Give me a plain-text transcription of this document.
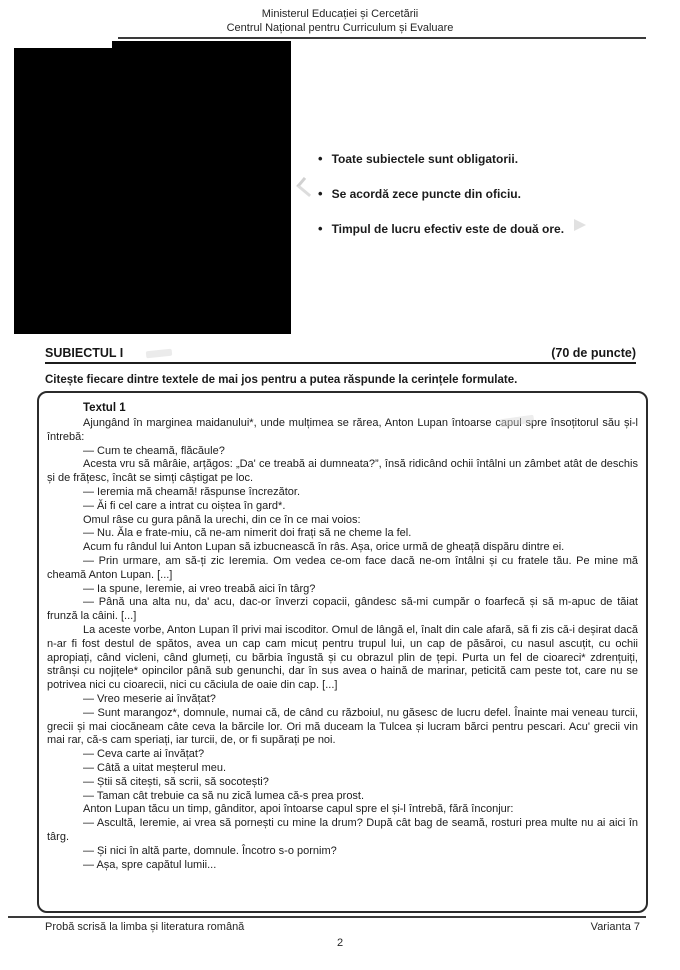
Ministerul Educației și Cercetării
Centrul Național pentru Curriculum și Evaluare
• Toate subiectele sunt obligatorii.
• Se acordă zece puncte din oficiu.
• Timpul de lucru efectiv este de două ore.
SUBIECTUL I	(70 de puncte)
Citește fiecare dintre textele de mai jos pentru a putea răspunde la cerințele formulate.
Textul 1

Ajungând în marginea maidanului*, unde mulțimea se rărea, Anton Lupan întoarse capul spre însoțitorul său și-l întrebă:

— Cum te cheamă, flăcăule?

Acesta vru să mârâie, arțăgos: „Da' ce treabă ai dumneata?”, însă ridicând ochii întâlni un zâmbet atât de deschis și de frățesc, încât se simți câștigat pe loc.

— Ieremia mă cheamă! răspunse încrezător.

— Ăi fi cel care a intrat cu oiștea în gard*.

Omul râse cu gura până la urechi, din ce în ce mai voios:

— Nu. Ăla e frate-miu, că ne-am nimerit doi frați să ne cheme la fel.

Acum fu rândul lui Anton Lupan să izbucnească în râs. Așa, orice urmă de gheață dispăru dintre ei.

— Prin urmare, am să-ți zic Ieremia. Om vedea ce-om face dacă ne-om întâlni și cu fratele tău. Pe mine mă cheamă Anton Lupan. [...]

— Ia spune, Ieremie, ai vreo treabă aici în târg?

— Până una alta nu, da' acu, dac-or înverzi copacii, gândesc să-mi cumpăr o foarfecă și să m-apuc de tăiat frunză la câini. [...]

La aceste vorbe, Anton Lupan îl privi mai iscoditor. Omul de lângă el, înalt din cale afară, să fi zis că-i deșirat dacă n-ar fi fost destul de spătos, avea un cap cam micuț pentru trupul lui, un cap de păsăroi, cu nasul ascuțit, cu ochii apropiați, când vicleni, când glumeți, cu bărbia îngustă și cu obrazul plin de țepi. Purta un fel de cioareci* zdrențuiți, strânși cu nojițele* opincilor până sub genunchi, dar în sus avea o haină de marinar, peticită cam peste tot, care nu se potrivea nici cu cioarecii, nici cu căciula de oaie din cap. [...]

— Vreo meserie ai învățat?

— Sunt marangoz*, domnule, numai că, de când cu războiul, nu găsesc de lucru defel. Înainte mai veneau turcii, grecii și mai ciocăneam câte ceva la bărcile lor. Ori mă duceam la Tulcea și lucram bărci pentru pescari. Acu' grecii vin mai rar, că-s cam speriați, iar turcii, de, or fi supărați pe noi.

— Ceva carte ai învățat?

— Câtă a uitat meșterul meu.

— Știi să citești, să scrii, să socotești?

— Taman cât trebuie ca să nu zică lumea că-s prea prost.

Anton Lupan tăcu un timp, gânditor, apoi întoarse capul spre el și-l întrebă, fără înconjur:

— Ascultă, Ieremie, ai vrea să pornești cu mine la drum? După cât bag de seamă, rosturi prea multe nu ai aici în târg.

— Și nici în altă parte, domnule. Încotro s-o pornim?

— Așa, spre capătul lumii...

Probă scrisă la limba și literatura română	Varianta 7
2
